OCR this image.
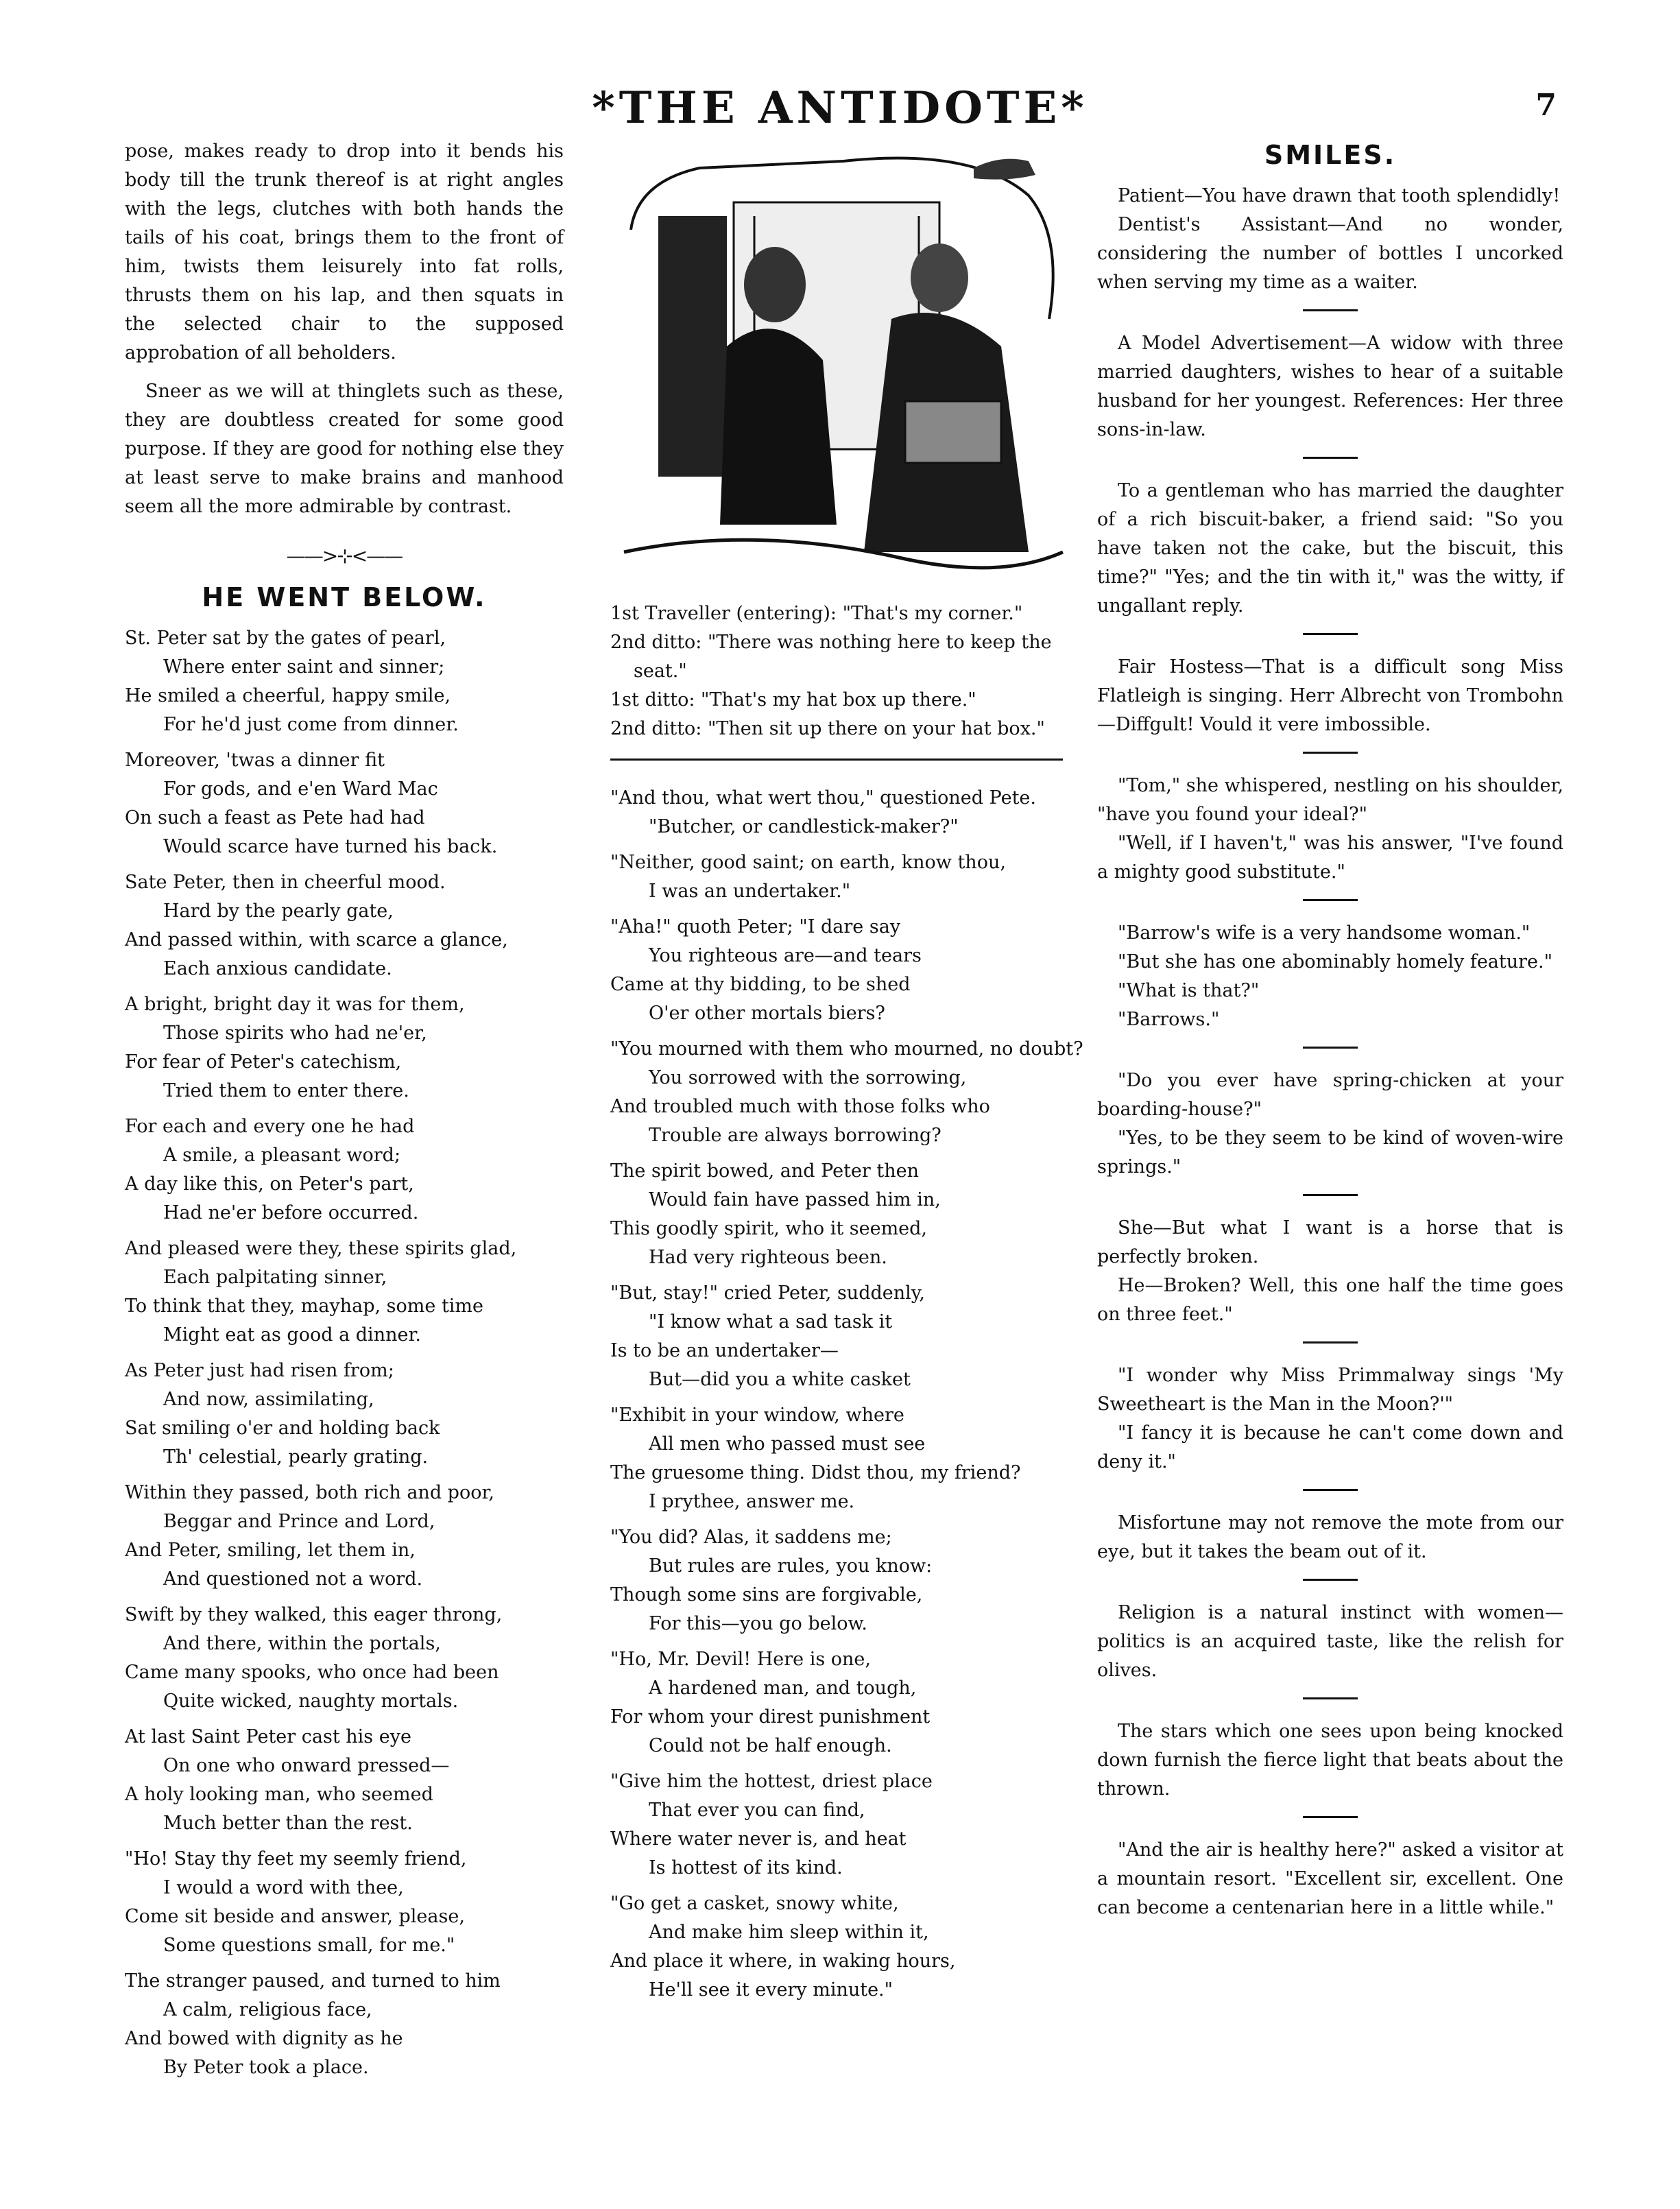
*THE ANTIDOTE*	7

pose, makes ready to drop into it bends his body till the trunk thereof is at right angles with the legs, clutches with both hands the tails of his coat, brings them to the front of him, twists them leisurely into fat rolls, thrusts them on his lap, and then squats in the selected chair to the supposed approbation of all beholders.

Sneer as we will at thinglets such as these, they are doubtless created for some good purpose. If they are good for nothing else they at least serve to make brains and manhood seem all the more admirable by contrast.

——>⊹<——
HE WENT BELOW.
St. Peter sat by the gates of pearl,
Where enter saint and sinner;
He smiled a cheerful, happy smile,
For he'd just come from dinner.
Moreover, 'twas a dinner fit
For gods, and e'en Ward Mac
On such a feast as Pete had had
Would scarce have turned his back.
Sate Peter, then in cheerful mood.
Hard by the pearly gate,
And passed within, with scarce a glance,
Each anxious candidate.
A bright, bright day it was for them,
Those spirits who had ne'er,
For fear of Peter's catechism,
Tried them to enter there.
For each and every one he had
A smile, a pleasant word;
A day like this, on Peter's part,
Had ne'er before occurred.
And pleased were they, these spirits glad,
Each palpitating sinner,
To think that they, mayhap, some time
Might eat as good a dinner.
As Peter just had risen from;
And now, assimilating,
Sat smiling o'er and holding back
Th' celestial, pearly grating.
Within they passed, both rich and poor,
Beggar and Prince and Lord,
And Peter, smiling, let them in,
And questioned not a word.
Swift by they walked, this eager throng,
And there, within the portals,
Came many spooks, who once had been
Quite wicked, naughty mortals.
At last Saint Peter cast his eye
On one who onward pressed—
A holy looking man, who seemed
Much better than the rest.
"Ho! Stay thy feet my seemly friend,
I would a word with thee,
Come sit beside and answer, please,
Some questions small, for me."
The stranger paused, and turned to him
A calm, religious face,
And bowed with dignity as he
By Peter took a place.
1st Traveller (entering): "That's my corner."
2nd ditto: "There was nothing here to keep the seat."
1st ditto: "That's my hat box up there."
2nd ditto: "Then sit up there on your hat box."
"And thou, what wert thou," questioned Pete.
"Butcher, or candlestick-maker?"
"Neither, good saint; on earth, know thou,
I was an undertaker."
"Aha!" quoth Peter; "I dare say
You righteous are—and tears
Came at thy bidding, to be shed
O'er other mortals biers?
"You mourned with them who mourned, no doubt?
You sorrowed with the sorrowing,
And troubled much with those folks who
Trouble are always borrowing?
The spirit bowed, and Peter then
Would fain have passed him in,
This goodly spirit, who it seemed,
Had very righteous been.
"But, stay!" cried Peter, suddenly,
"I know what a sad task it
Is to be an undertaker—
But—did you a white casket
"Exhibit in your window, where
All men who passed must see
The gruesome thing. Didst thou, my friend?
I prythee, answer me.
"You did? Alas, it saddens me;
But rules are rules, you know:
Though some sins are forgivable,
For this—you go below.
"Ho, Mr. Devil! Here is one,
A hardened man, and tough,
For whom your direst punishment
Could not be half enough.
"Give him the hottest, driest place
That ever you can find,
Where water never is, and heat
Is hottest of its kind.
"Go get a casket, snowy white,
And make him sleep within it,
And place it where, in waking hours,
He'll see it every minute."
SMILES.

Patient—You have drawn that tooth splendidly!

Dentist's Assistant—And no wonder, considering the number of bottles I uncorked when serving my time as a waiter.

A Model Advertisement—A widow with three married daughters, wishes to hear of a suitable husband for her youngest. References: Her three sons-in-law.

To a gentleman who has married the daughter of a rich biscuit-baker, a friend said: "So you have taken not the cake, but the biscuit, this time?" "Yes; and the tin with it," was the witty, if ungallant reply.

Fair Hostess—That is a difficult song Miss Flatleigh is singing. Herr Albrecht von Trombohn—Diffgult! Vould it vere imbossible.

"Tom," she whispered, nestling on his shoulder, "have you found your ideal?"

"Well, if I haven't," was his answer, "I've found a mighty good substitute."

"Barrow's wife is a very handsome woman."

"But she has one abominably homely feature."

"What is that?"

"Barrows."

"Do you ever have spring-chicken at your boarding-house?"

"Yes, to be they seem to be kind of woven-wire springs."

She—But what I want is a horse that is perfectly broken.

He—Broken? Well, this one half the time goes on three feet."

"I wonder why Miss Primmalway sings 'My Sweetheart is the Man in the Moon?'"

"I fancy it is because he can't come down and deny it."

Misfortune may not remove the mote from our eye, but it takes the beam out of it.

Religion is a natural instinct with women—politics is an acquired taste, like the relish for olives.

The stars which one sees upon being knocked down furnish the fierce light that beats about the thrown.

"And the air is healthy here?" asked a visitor at a mountain resort. "Excellent sir, excellent. One can become a centenarian here in a little while."
